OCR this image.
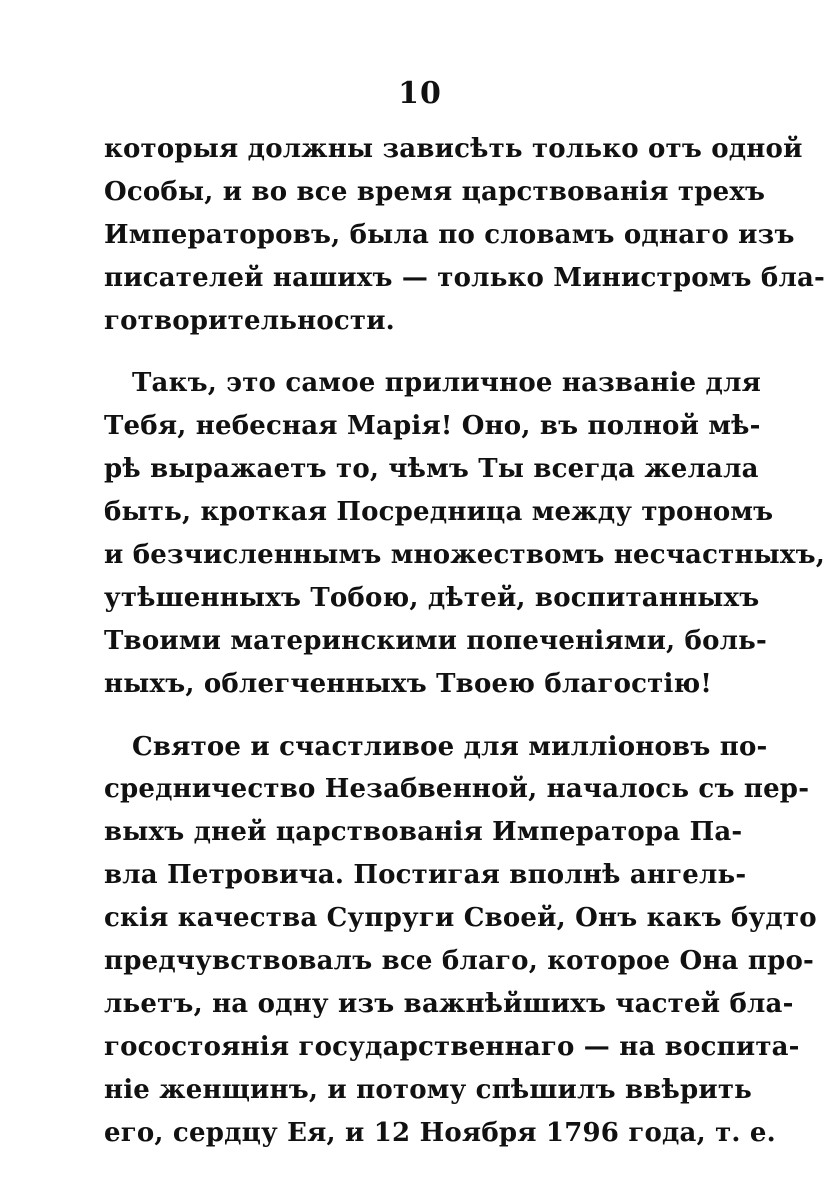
10
которыя должны зависѣть только отъ одной
Особы, и во все время царствованія трехъ
Императоровъ, была по словамъ однаго изъ
писателей нашихъ — только Министромъ бла-
готворительности.
Такъ, это самое приличное названіе для
Тебя, небесная Марія! Оно, въ полной мѣ-
рѣ выражаетъ то, чѣмъ Ты всегда желала
быть, кроткая Посредница между трономъ
и безчисленнымъ множествомъ несчастныхъ,
утѣшенныхъ Тобою, дѣтей, воспитанныхъ
Твоими материнскими попеченіями, боль-
ныхъ, облегченныхъ Твоею благостію!
Святое и счастливое для милліоновъ по-
средничество Незабвенной, началось съ пер-
выхъ дней царствованія Императора Па-
вла Петровича. Постигая вполнѣ ангель-
скія качества Супруги Своей, Онъ какъ будто
предчувствовалъ все благо, которое Она про-
льетъ, на одну изъ важнѣйшихъ частей бла-
госостоянія государственнаго — на воспита-
ніе женщинъ, и потому спѣшилъ ввѣрить
его, сердцу Ея, и 12 Ноября 1796 года, т. е.
